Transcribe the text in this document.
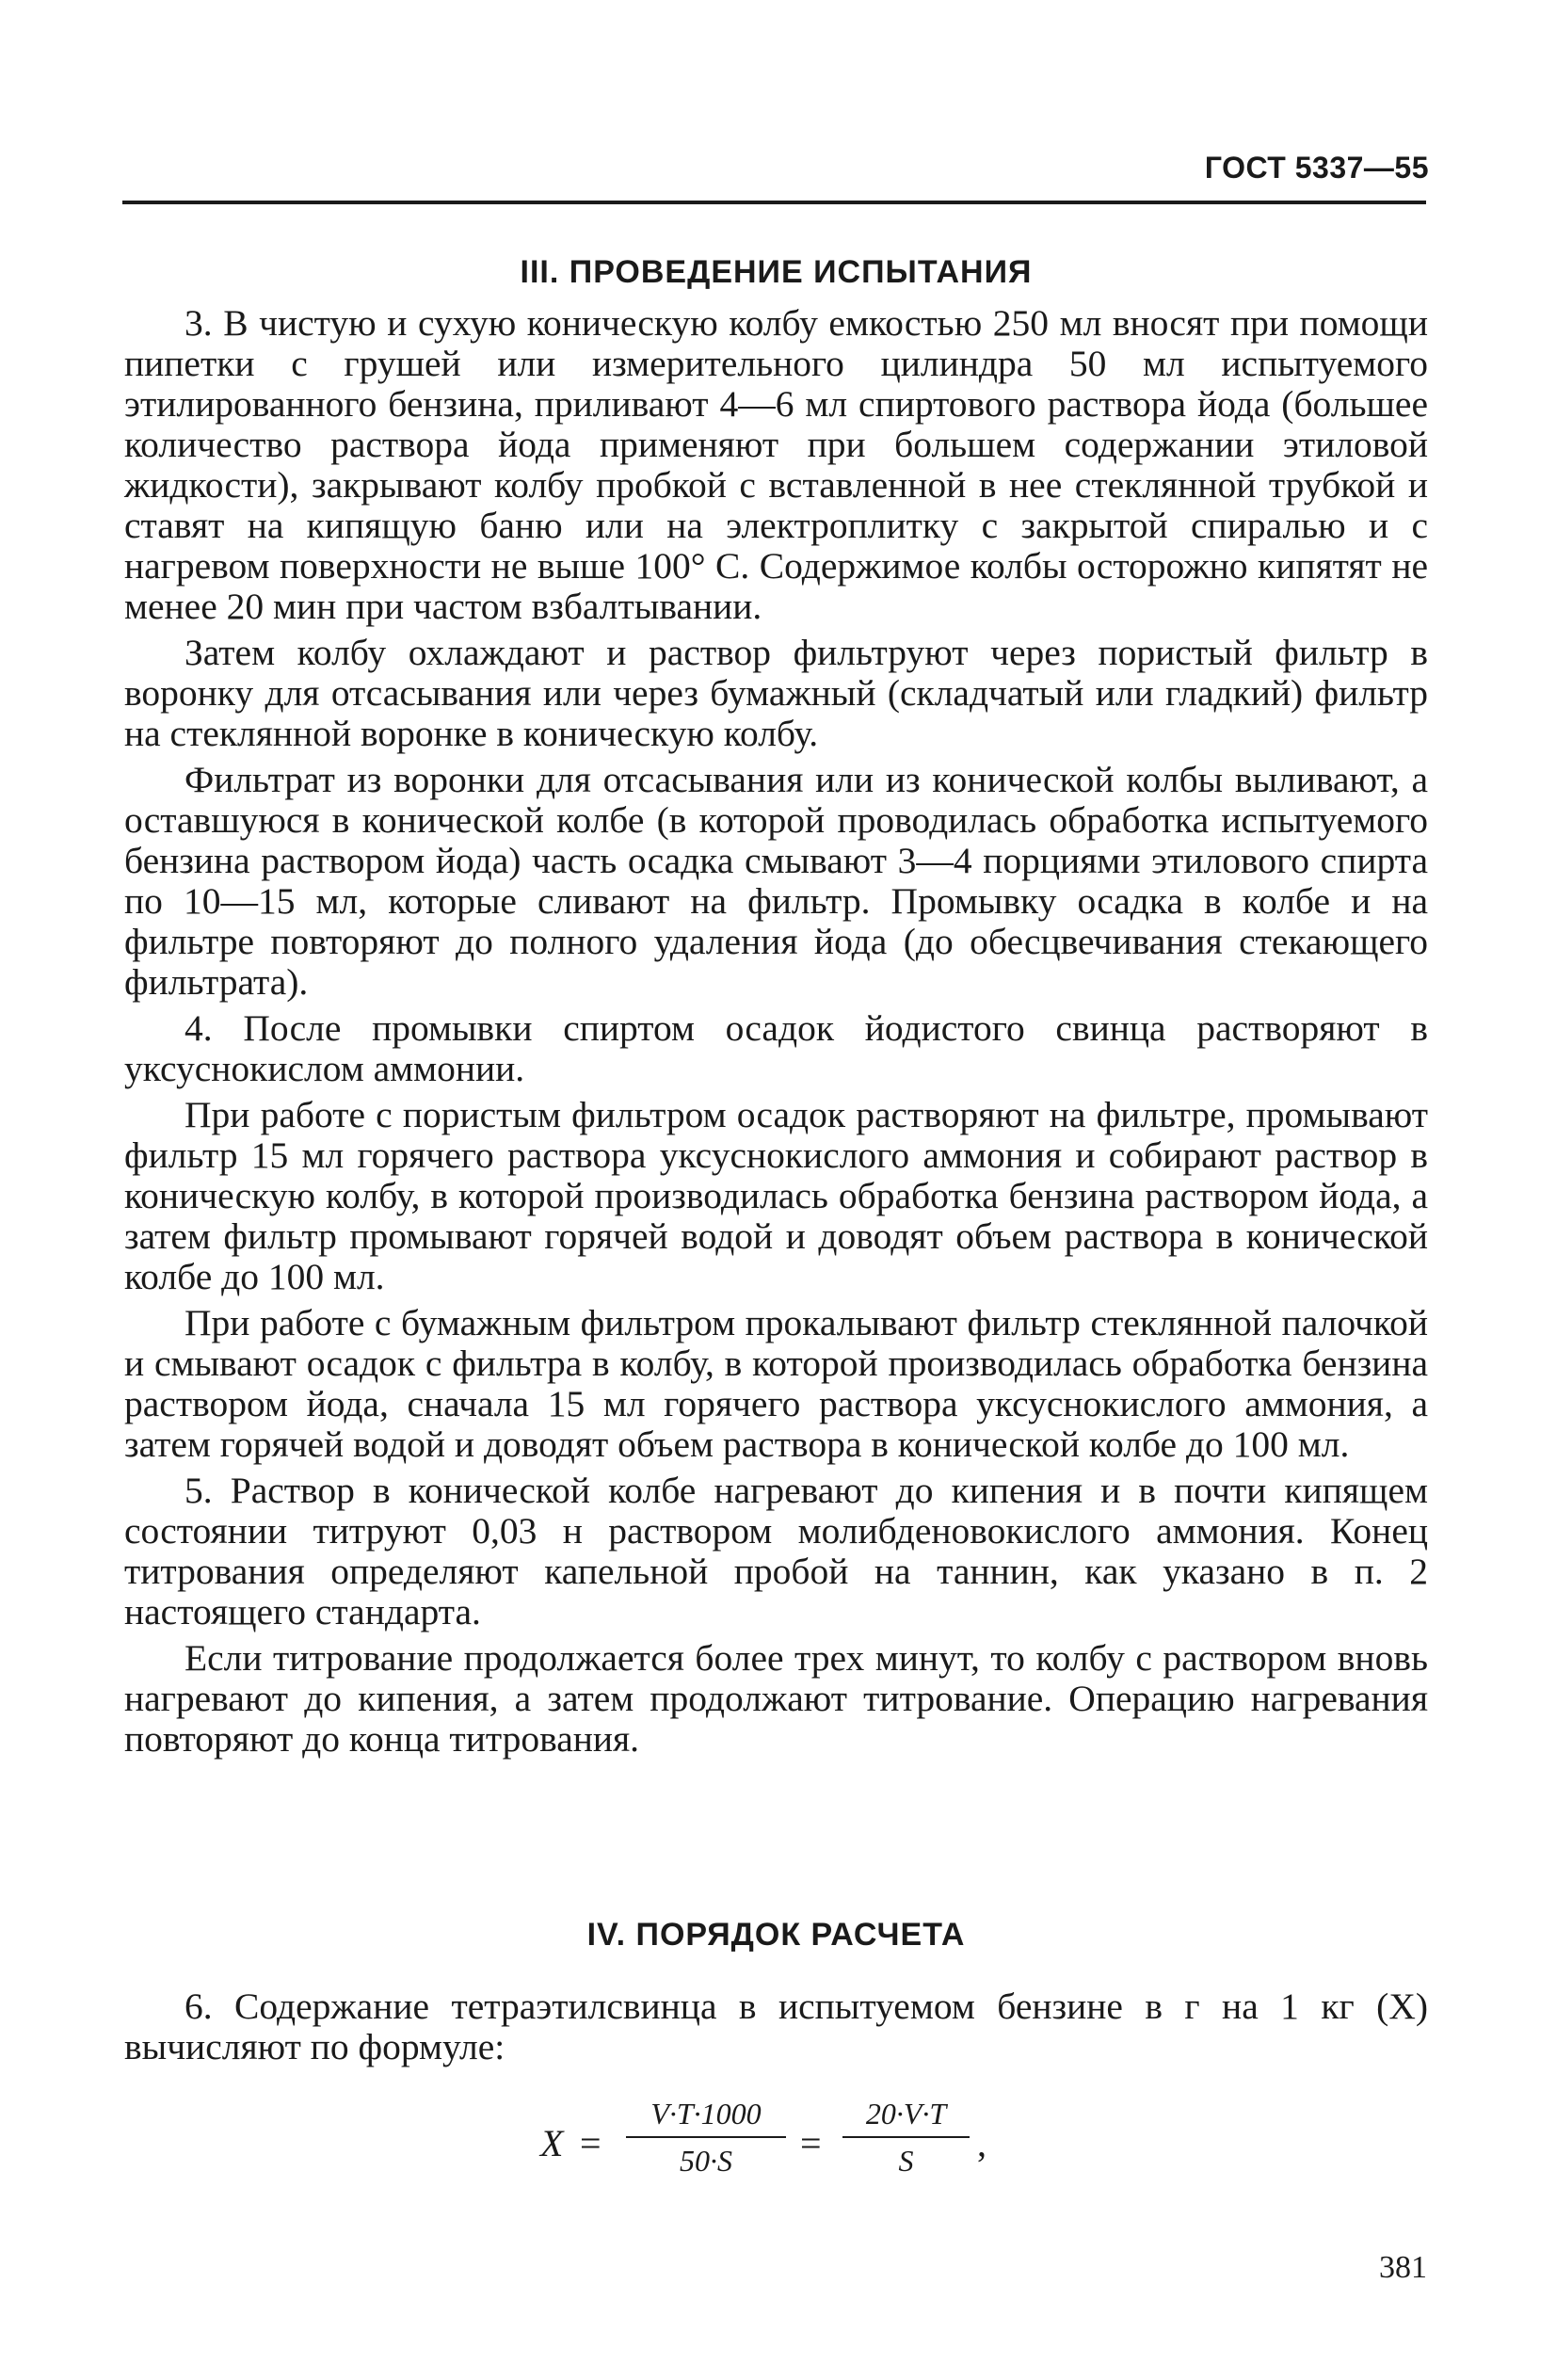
ГОСТ 5337—55
III. ПРОВЕДЕНИЕ ИСПЫТАНИЯ

3. В чистую и сухую коническую колбу емкостью 250 мл вносят при помощи пипетки с грушей или измерительного цилиндра 50 мл испытуемого этилированного бензина, приливают 4—6 мл спиртового раствора йода (большее количество раствора йода применяют при большем содержании этиловой жидкости), закрывают колбу пробкой с вставленной в нее стеклянной трубкой и ставят на кипящую баню или на электроплитку с закрытой спиралью и с нагревом поверхности не выше 100° С. Содержимое колбы осторожно кипятят не менее 20 мин при частом взбалтывании.

Затем колбу охлаждают и раствор фильтруют через пористый фильтр в воронку для отсасывания или через бумажный (складчатый или гладкий) фильтр на стеклянной воронке в коническую колбу.

Фильтрат из воронки для отсасывания или из конической колбы выливают, а оставшуюся в конической колбе (в которой проводилась обработка испытуемого бензина раствором йода) часть осадка смывают 3—4 порциями этилового спирта по 10—15 мл, которые сливают на фильтр. Промывку осадка в колбе и на фильтре повторяют до полного удаления йода (до обесцвечивания стекающего фильтрата).

4. После промывки спиртом осадок йодистого свинца растворяют в уксуснокислом аммонии.

При работе с пористым фильтром осадок растворяют на фильтре, промывают фильтр 15 мл горячего раствора уксуснокислого аммония и собирают раствор в коническую колбу, в которой производилась обработка бензина раствором йода, а затем фильтр промывают горячей водой и доводят объем раствора в конической колбе до 100 мл.

При работе с бумажным фильтром прокалывают фильтр стеклянной палочкой и смывают осадок с фильтра в колбу, в которой производилась обработка бензина раствором йода, сначала 15 мл горячего раствора уксуснокислого аммония, а затем горячей водой и доводят объем раствора в конической колбе до 100 мл.

5. Раствор в конической колбе нагревают до кипения и в почти кипящем состоянии титруют 0,03 н раствором молибденовокислого аммония. Конец титрования определяют капельной пробой на таннин, как указано в п. 2 настоящего стандарта.

Если титрование продолжается более трех минут, то колбу с раствором вновь нагревают до кипения, а затем продолжают титрование. Операцию нагревания повторяют до конца титрования.

IV. ПОРЯДОК РАСЧЕТА

6. Содержание тетраэтилсвинца в испытуемом бензине в г на 1 кг (X) вычисляют по формуле:

X =
V·T·1000
50·S	=
20·V·T
S	,
381
